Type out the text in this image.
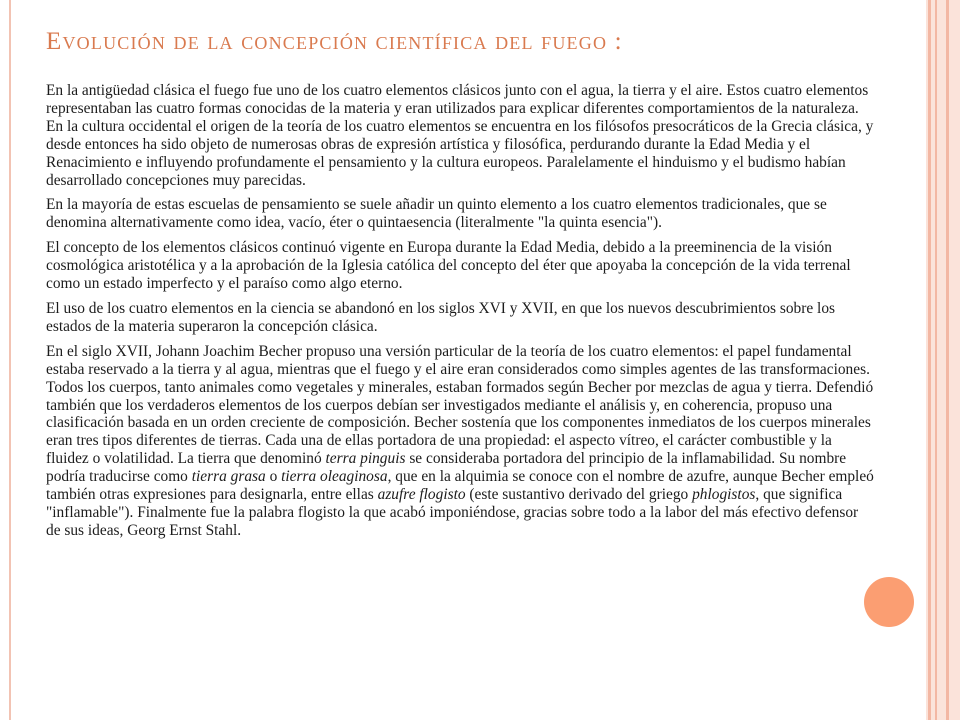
Evolución de la concepción científica del fuego :

En la antigüedad clásica el fuego fue uno de los cuatro elementos clásicos junto con el agua, la tierra y el aire. Estos cuatro elementos representaban las cuatro formas conocidas de la materia y eran utilizados para explicar diferentes comportamientos de la naturaleza. En la cultura occidental el origen de la teoría de los cuatro elementos se encuentra en los filósofos presocráticos de la Grecia clásica, y desde entonces ha sido objeto de numerosas obras de expresión artística y filosófica, perdurando durante la Edad Media y el Renacimiento e influyendo profundamente el pensamiento y la cultura europeos. Paralelamente el hinduismo y el budismo habían desarrollado concepciones muy parecidas.

En la mayoría de estas escuelas de pensamiento se suele añadir un quinto elemento a los cuatro elementos tradicionales, que se denomina alternativamente como idea, vacío, éter o quintaesencia (literalmente "la quinta esencia").

El concepto de los elementos clásicos continuó vigente en Europa durante la Edad Media, debido a la preeminencia de la visión cosmológica aristotélica y a la aprobación de la Iglesia católica del concepto del éter que apoyaba la concepción de la vida terrenal como un estado imperfecto y el paraíso como algo eterno.

El uso de los cuatro elementos en la ciencia se abandonó en los siglos XVI y XVII, en que los nuevos descubrimientos sobre los estados de la materia superaron la concepción clásica.

En el siglo XVII, Johann Joachim Becher propuso una versión particular de la teoría de los cuatro elementos: el papel fundamental estaba reservado a la tierra y al agua, mientras que el fuego y el aire eran considerados como simples agentes de las transformaciones. Todos los cuerpos, tanto animales como vegetales y minerales, estaban formados según Becher por mezclas de agua y tierra. Defendió también que los verdaderos elementos de los cuerpos debían ser investigados mediante el análisis y, en coherencia, propuso una clasificación basada en un orden creciente de composición. Becher sostenía que los componentes inmediatos de los cuerpos minerales eran tres tipos diferentes de tierras. Cada una de ellas portadora de una propiedad: el aspecto vítreo, el carácter combustible y la fluidez o volatilidad. La tierra que denominó terra pinguis se consideraba portadora del principio de la inflamabilidad. Su nombre podría traducirse como tierra grasa o tierra oleaginosa, que en la alquimia se conoce con el nombre de azufre, aunque Becher empleó también otras expresiones para designarla, entre ellas azufre flogisto (este sustantivo derivado del griego phlogistos, que significa "inflamable"). Finalmente fue la palabra flogisto la que acabó imponiéndose, gracias sobre todo a la labor del más efectivo defensor de sus ideas, Georg Ernst Stahl.
